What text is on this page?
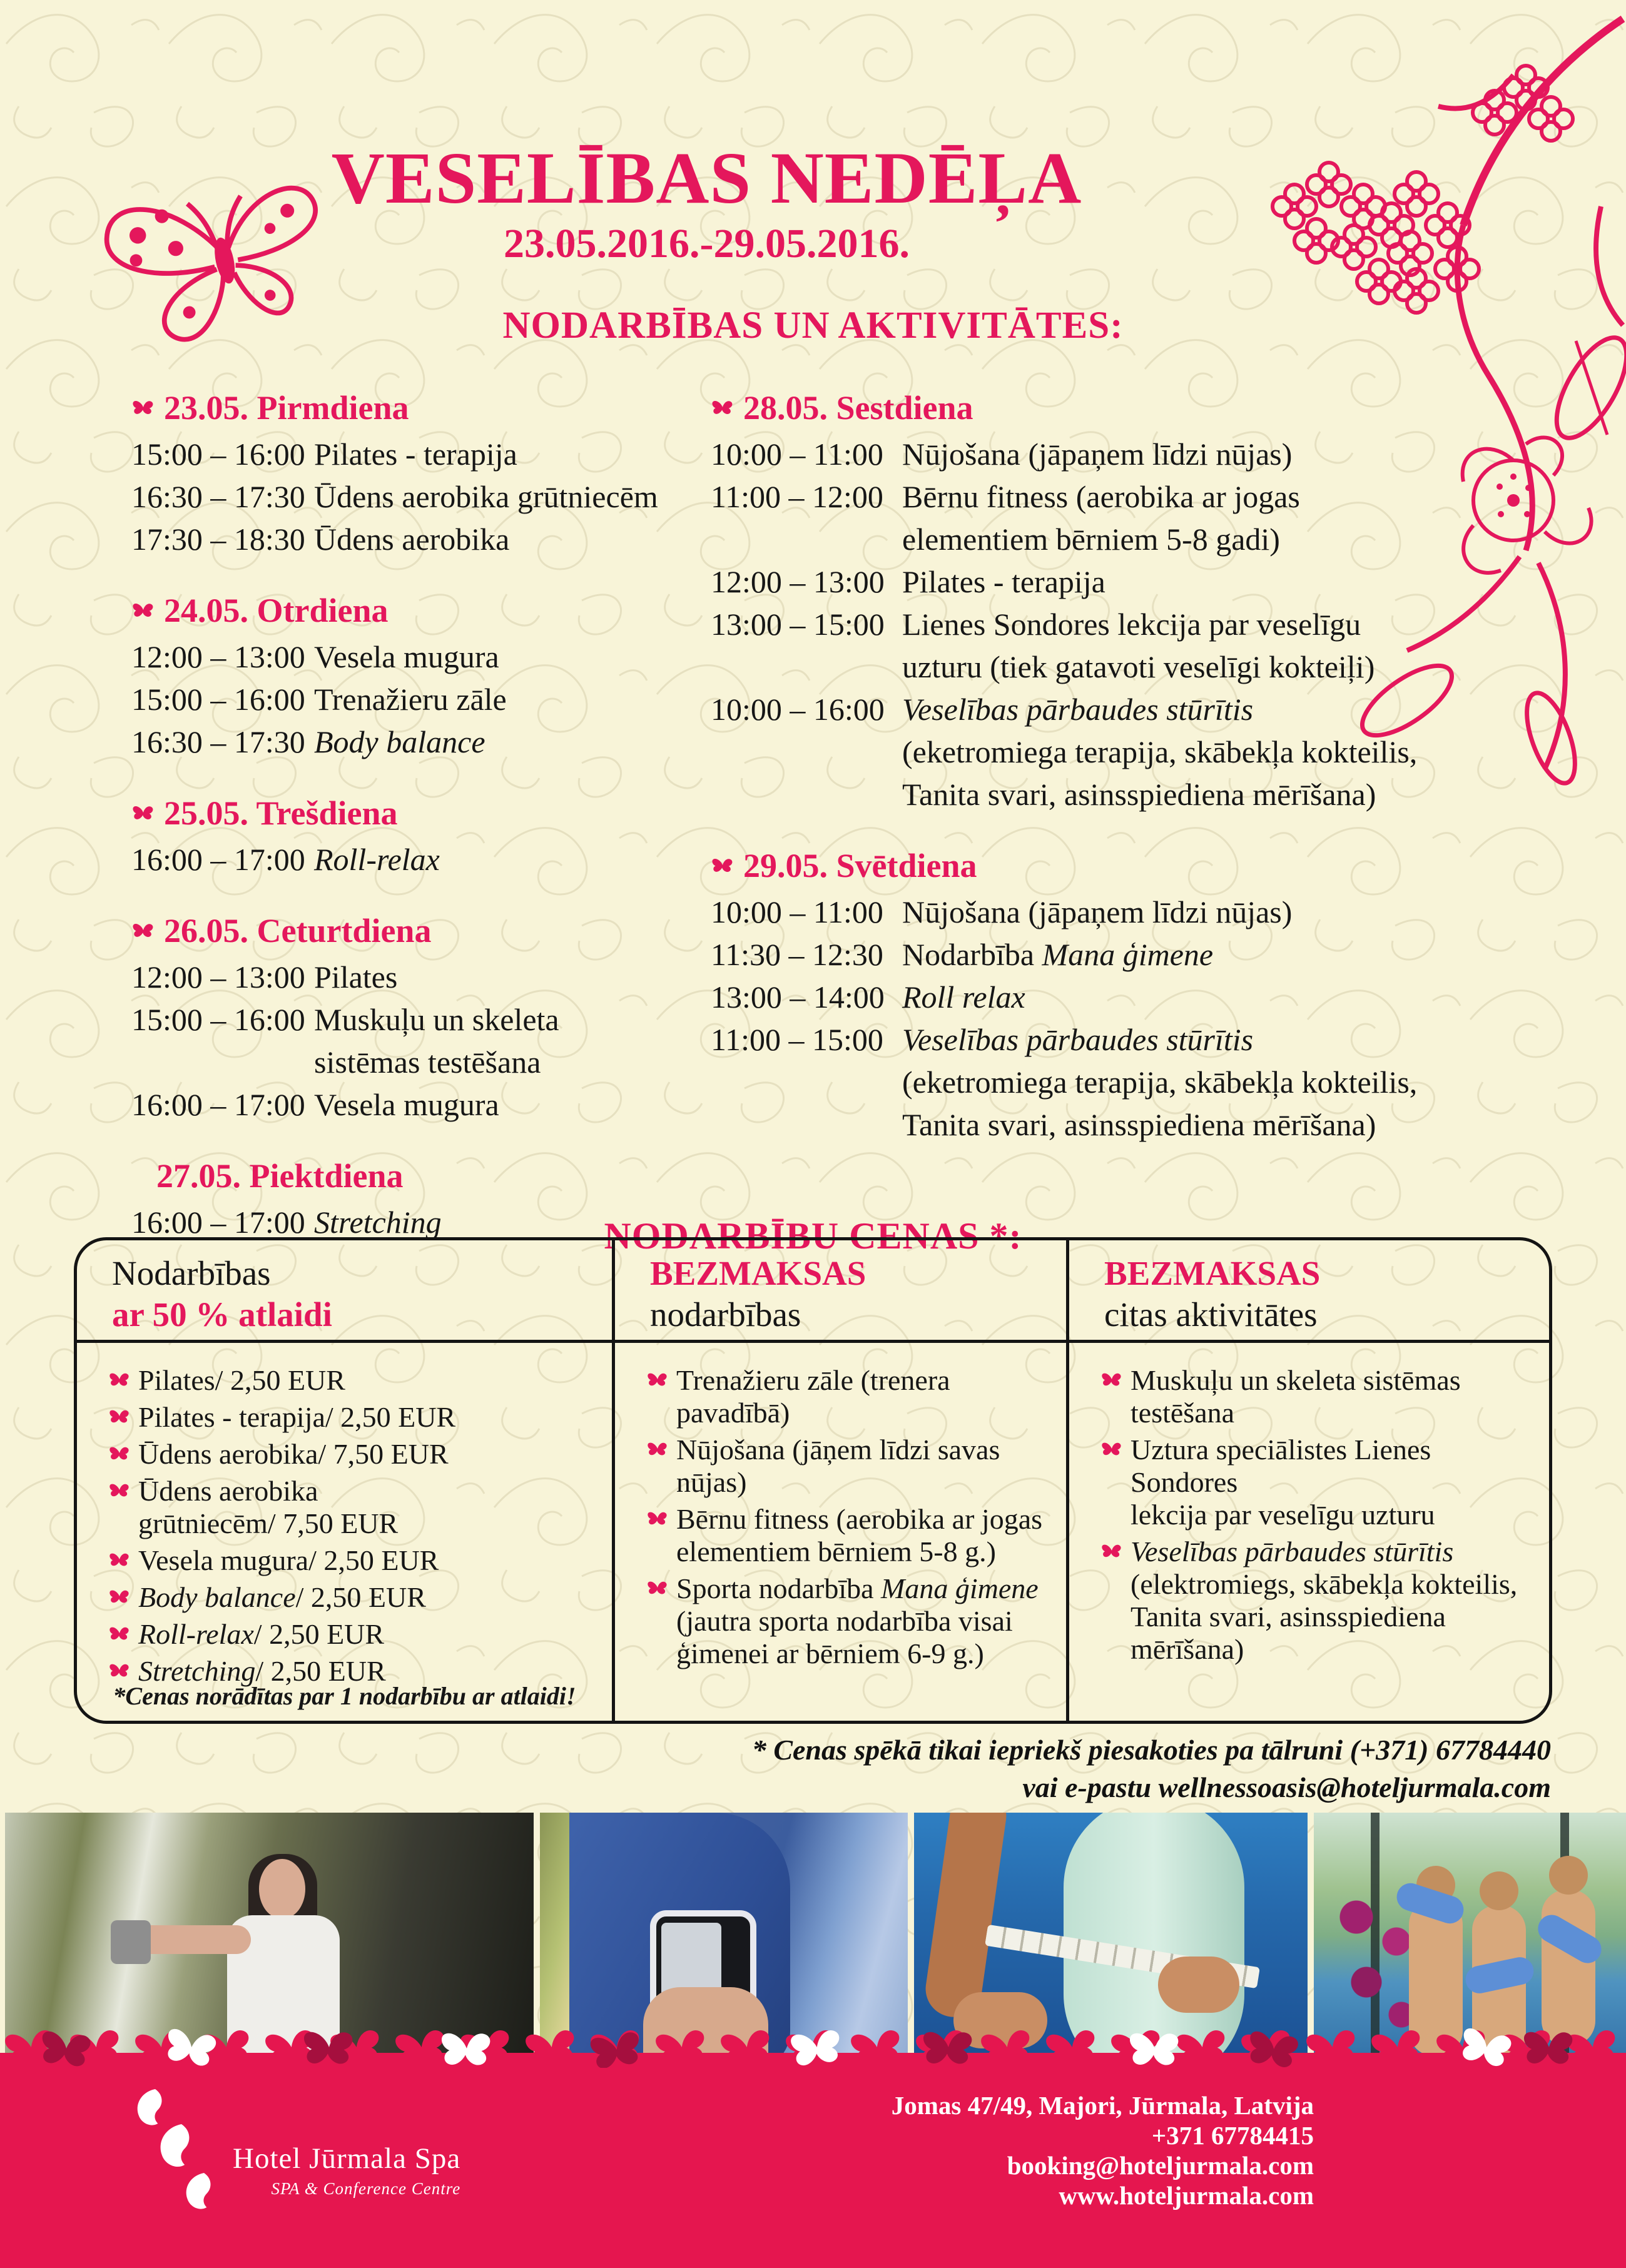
VESELĪBAS NEDĒĻA
23.05.2016.-29.05.2016.
NODARBĪBAS UN AKTIVITĀTES:
23.05. Pirmdiena
15:00 – 16:00 Pilates - terapija
16:30 – 17:30 Ūdens aerobika grūtniecēm
17:30 – 18:30 Ūdens aerobika
24.05. Otrdiena
12:00 – 13:00 Vesela mugura
15:00 – 16:00 Trenažieru zāle
16:30 – 17:30 Body balance
25.05. Trešdiena
16:00 – 17:00 Roll-relax
26.05. Ceturtdiena
12:00 – 13:00 Pilates
15:00 – 16:00 Muskuļu un skeleta
sistēmas testēšana
16:00 – 17:00 Vesela mugura
27.05. Piektdiena
16:00 – 17:00 Stretching
28.05. Sestdiena
10:00 – 11:00 Nūjošana (jāpaņem līdzi nūjas)
11:00 – 12:00 Bērnu fitness (aerobika ar jogas
elementiem bērniem 5-8 gadi)
12:00 – 13:00 Pilates - terapija
13:00 – 15:00 Lienes Sondores lekcija par veselīgu
uzturu (tiek gatavoti veselīgi kokteiļi)
10:00 – 16:00 Veselības pārbaudes stūrītis
(eketromiega terapija, skābekļa kokteilis,
Tanita svari, asinsspiediena mērīšana)
29.05. Svētdiena
10:00 – 11:00 Nūjošana (jāpaņem līdzi nūjas)
11:30 – 12:30 Nodarbība Mana ģimene
13:00 – 14:00 Roll relax
11:00 – 15:00 Veselības pārbaudes stūrītis
(eketromiega terapija, skābekļa kokteilis,
Tanita svari, asinsspiediena mērīšana)
NODARBĪBU CENAS *:
Nodarbības
ar 50 % atlaidi
Pilates/ 2,50 EUR
Pilates - terapija/ 2,50 EUR
Ūdens aerobika/ 7,50 EUR
Ūdens aerobika
grūtniecēm/ 7,50 EUR
Vesela mugura/ 2,50 EUR
Body balance/ 2,50 EUR
Roll-relax/ 2,50 EUR
Stretching/ 2,50 EUR
*Cenas norādītas par 1 nodarbību ar atlaidi!
BEZMAKSAS
nodarbības
Trenažieru zāle (trenera pavadībā)
Nūjošana (jāņem līdzi savas nūjas)
Bērnu fitness (aerobika ar jogas
elementiem bērniem 5-8 g.)
Sporta nodarbība Mana ģimene
(jautra sporta nodarbība visai
ģimenei ar bērniem 6-9 g.)
BEZMAKSAS
citas aktivitātes
Muskuļu un skeleta sistēmas
testēšana
Uztura speciālistes Lienes Sondores
lekcija par veselīgu uzturu
Veselības pārbaudes stūrītis
(elektromiegs, skābekļa kokteilis,
Tanita svari, asinsspiediena
mērīšana)
* Cenas spēkā tikai iepriekš piesakoties pa tālruni (+371) 67784440
vai e-pastu wellnessoasis@hoteljurmala.com
Hotel Jūrmala Spa
SPA & Conference Centre
Jomas 47/49, Majori, Jūrmala, Latvija
+371 67784415
booking@hoteljurmala.com
www.hoteljurmala.com
